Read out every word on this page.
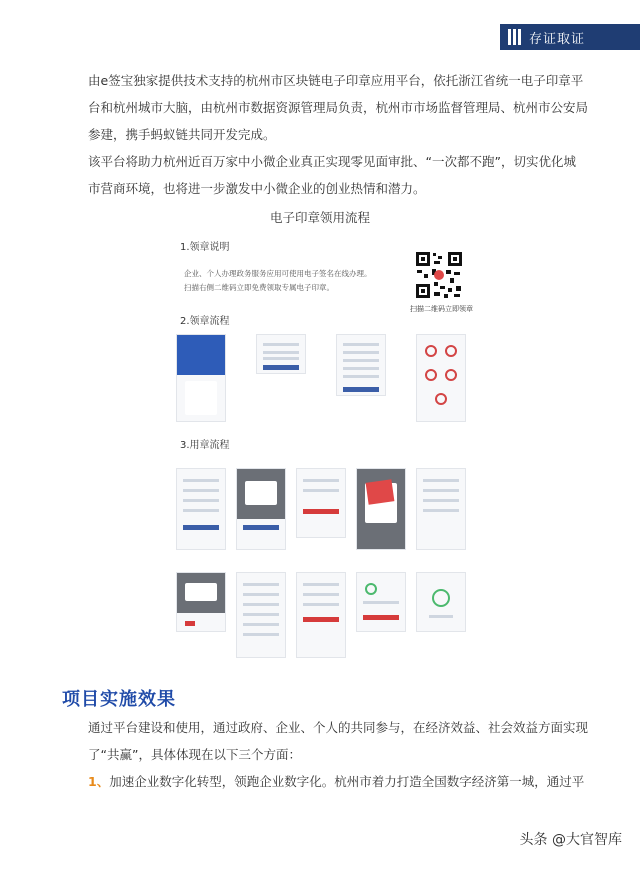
存证取证

由e签宝独家提供技术支持的杭州市区块链电子印章应用平台，依托浙江省统一电子印章平台和杭州城市大脑，由杭州市数据资源管理局负责，杭州市市场监督管理局、杭州市公安局参建，携手蚂蚁链共同开发完成。

该平台将助力杭州近百万家中小微企业真正实现零见面审批、“一次都不跑”，切实优化城市营商环境，也将进一步激发中小微企业的创业热情和潜力。

电子印章领用流程
1.领章说明
企业、个人办理政务服务应用可使用电子签名在线办理。
扫描右侧二维码立即免费领取专属电子印章。
扫描二维码立即领章
2.领章流程
3.用章流程
项目实施效果

通过平台建设和使用，通过政府、企业、个人的共同参与，在经济效益、社会效益方面实现了“共赢”，具体体现在以下三个方面：

1、加速企业数字化转型，领跑企业数字化。杭州市着力打造全国数字经济第一城，通过平

头条 @大官智库
